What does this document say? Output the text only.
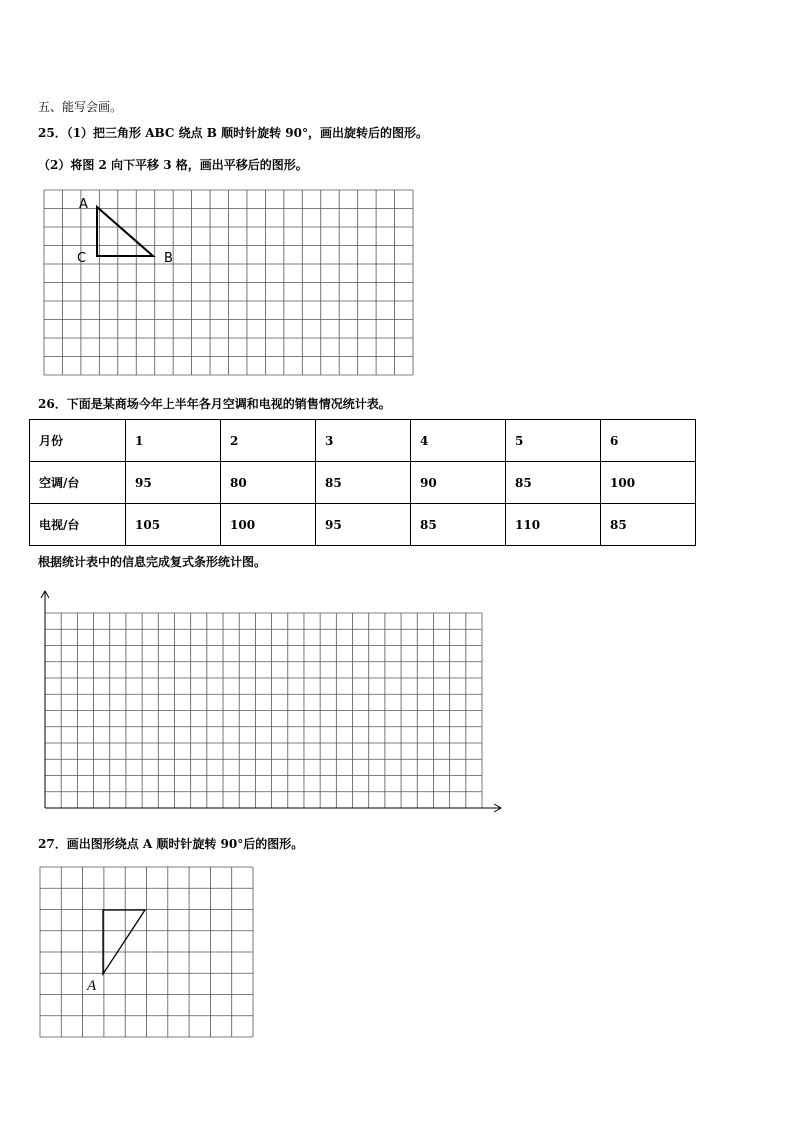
五、能写会画。
25．（1）把三角形 ABC 绕点 B 顺时针旋转 90°，画出旋转后的图形。
（2）将图 2 向下平移 3 格，画出平移后的图形。
A
B
C
26．下面是某商场今年上半年各月空调和电视的销售情况统计表。
月份	1	2	3	4	5	6
空调/台	95	80	85	90	85	100
电视/台	105	100	95	85	110	85
根据统计表中的信息完成复式条形统计图。
27．画出图形绕点 A 顺时针旋转 90°后的图形。
A
